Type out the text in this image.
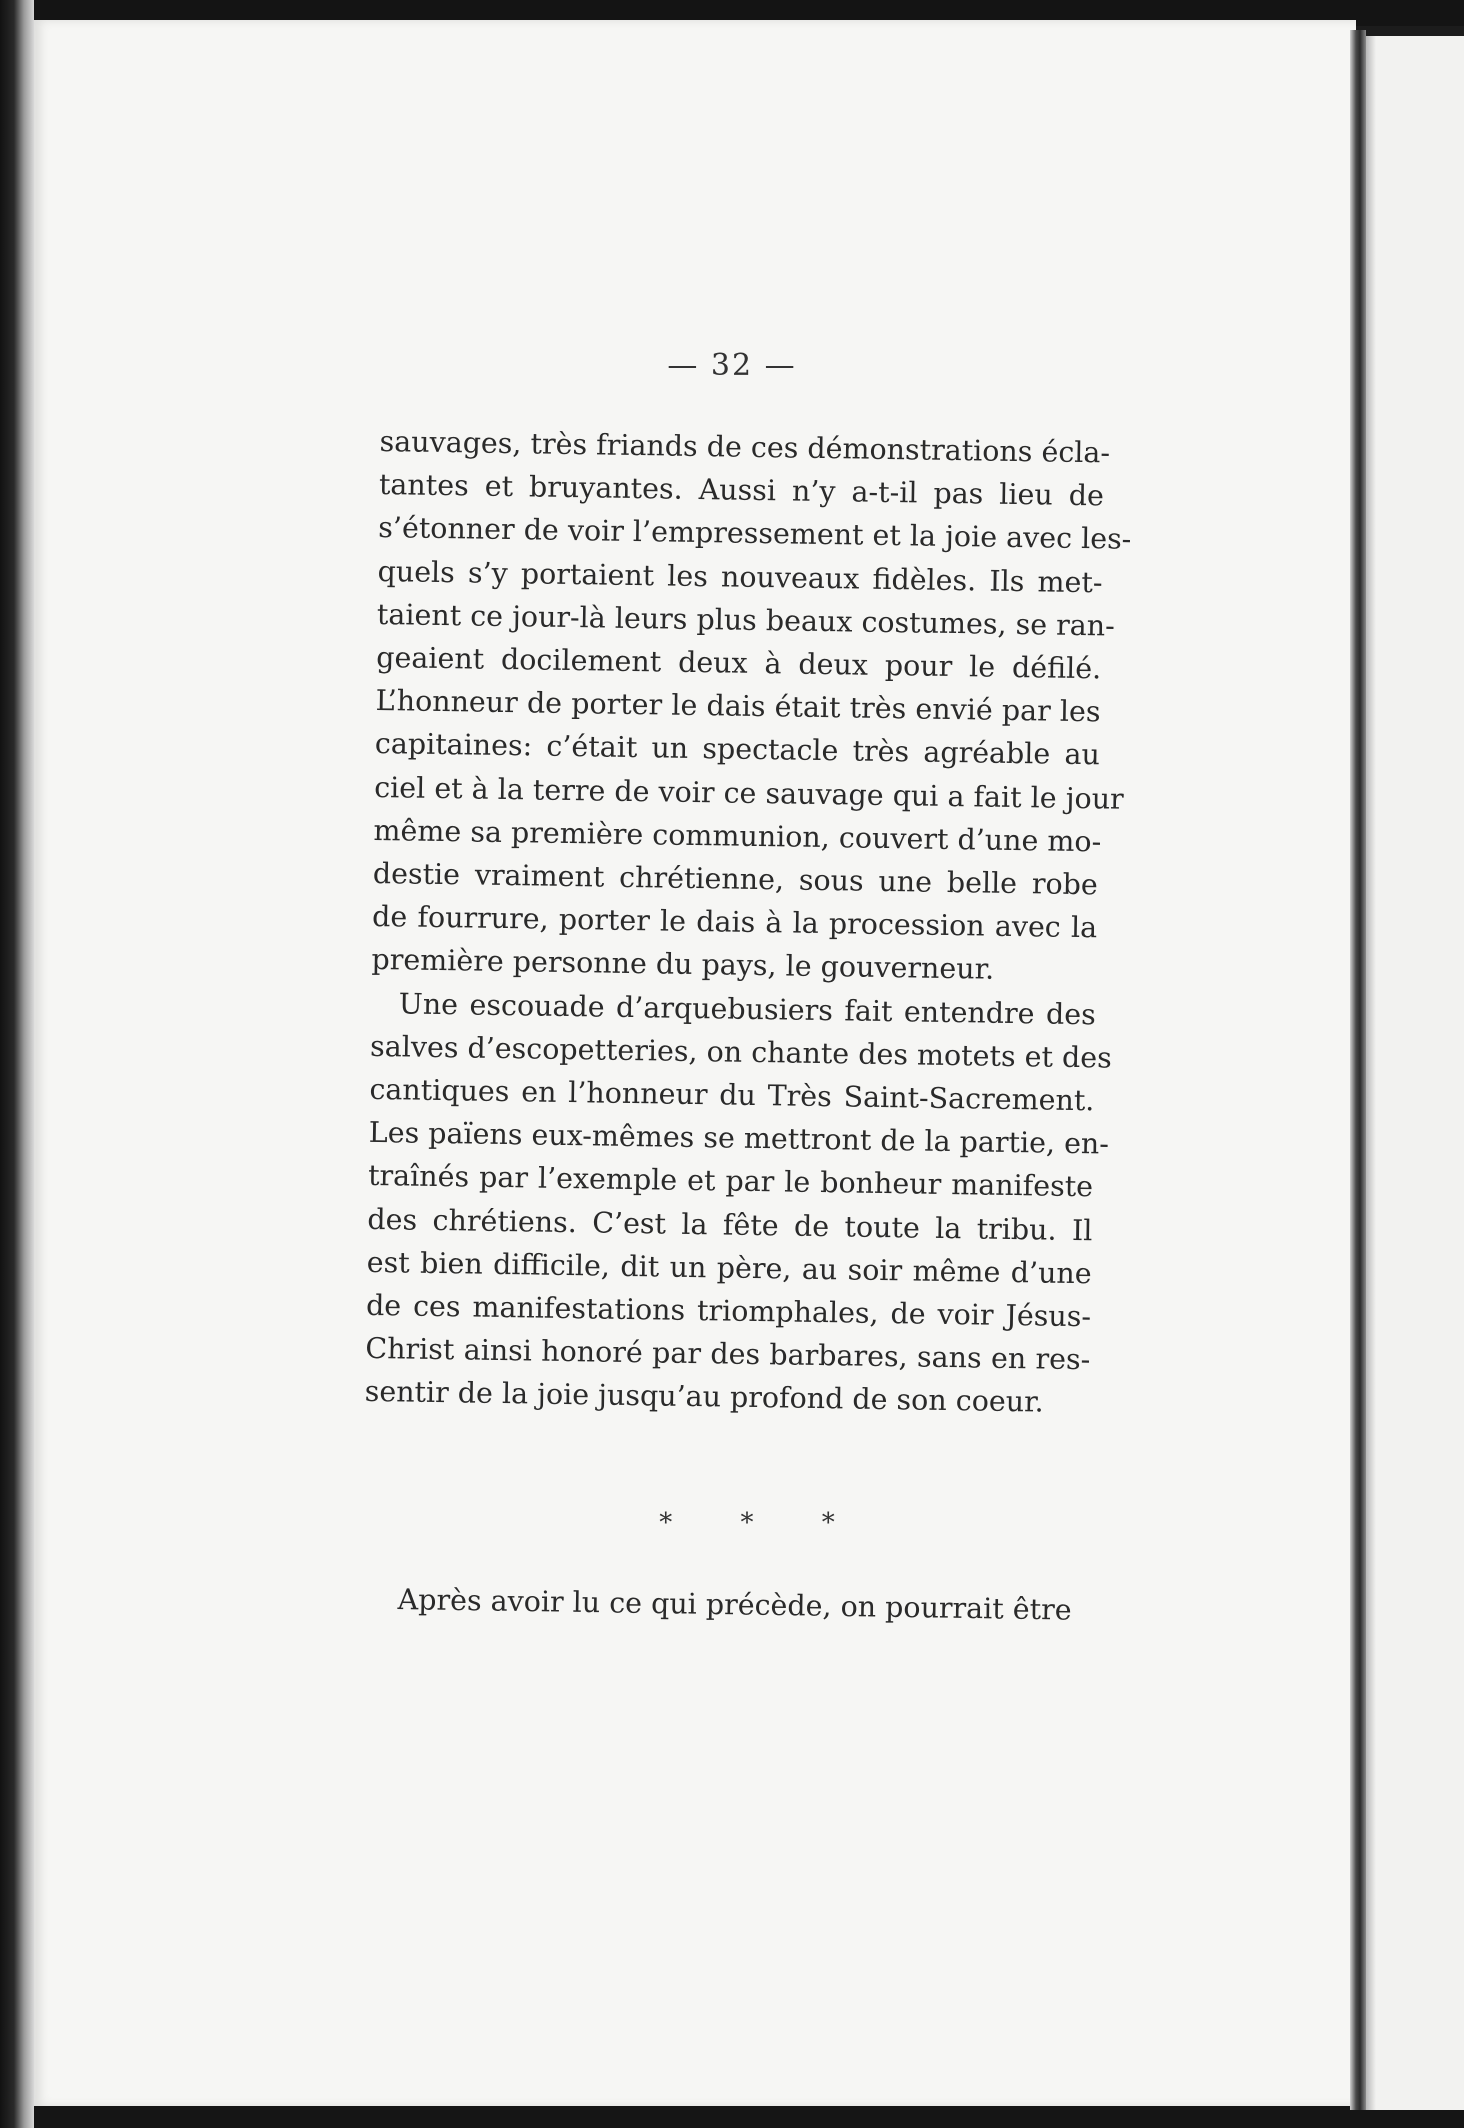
— 32 —
sauvages, très friands de ces démonstrations écla-
tantes et bruyantes. Aussi n’y a-t-il pas lieu de
s’étonner de voir l’empressement et la joie avec les-
quels s’y portaient les nouveaux fidèles. Ils met-
taient ce jour-là leurs plus beaux costumes, se ran-
geaient docilement deux à deux pour le défilé.
L’honneur de porter le dais était très envié par les
capitaines: c’était un spectacle très agréable au
ciel et à la terre de voir ce sauvage qui a fait le jour
même sa première communion, couvert d’une mo-
destie vraiment chrétienne, sous une belle robe
de fourrure, porter le dais à la procession avec la
première personne du pays, le gouverneur.
Une escouade d’arquebusiers fait entendre des
salves d’escopetteries, on chante des motets et des
cantiques en l’honneur du Très Saint-Sacrement.
Les païens eux-mêmes se mettront de la partie, en-
traînés par l’exemple et par le bonheur manifeste
des chrétiens. C’est la fête de toute la tribu. Il
est bien difficile, dit un père, au soir même d’une
de ces manifestations triomphales, de voir Jésus-
Christ ainsi honoré par des barbares, sans en res-
sentir de la joie jusqu’au profond de son coeur.
* * *
Après avoir lu ce qui précède, on pourrait être
